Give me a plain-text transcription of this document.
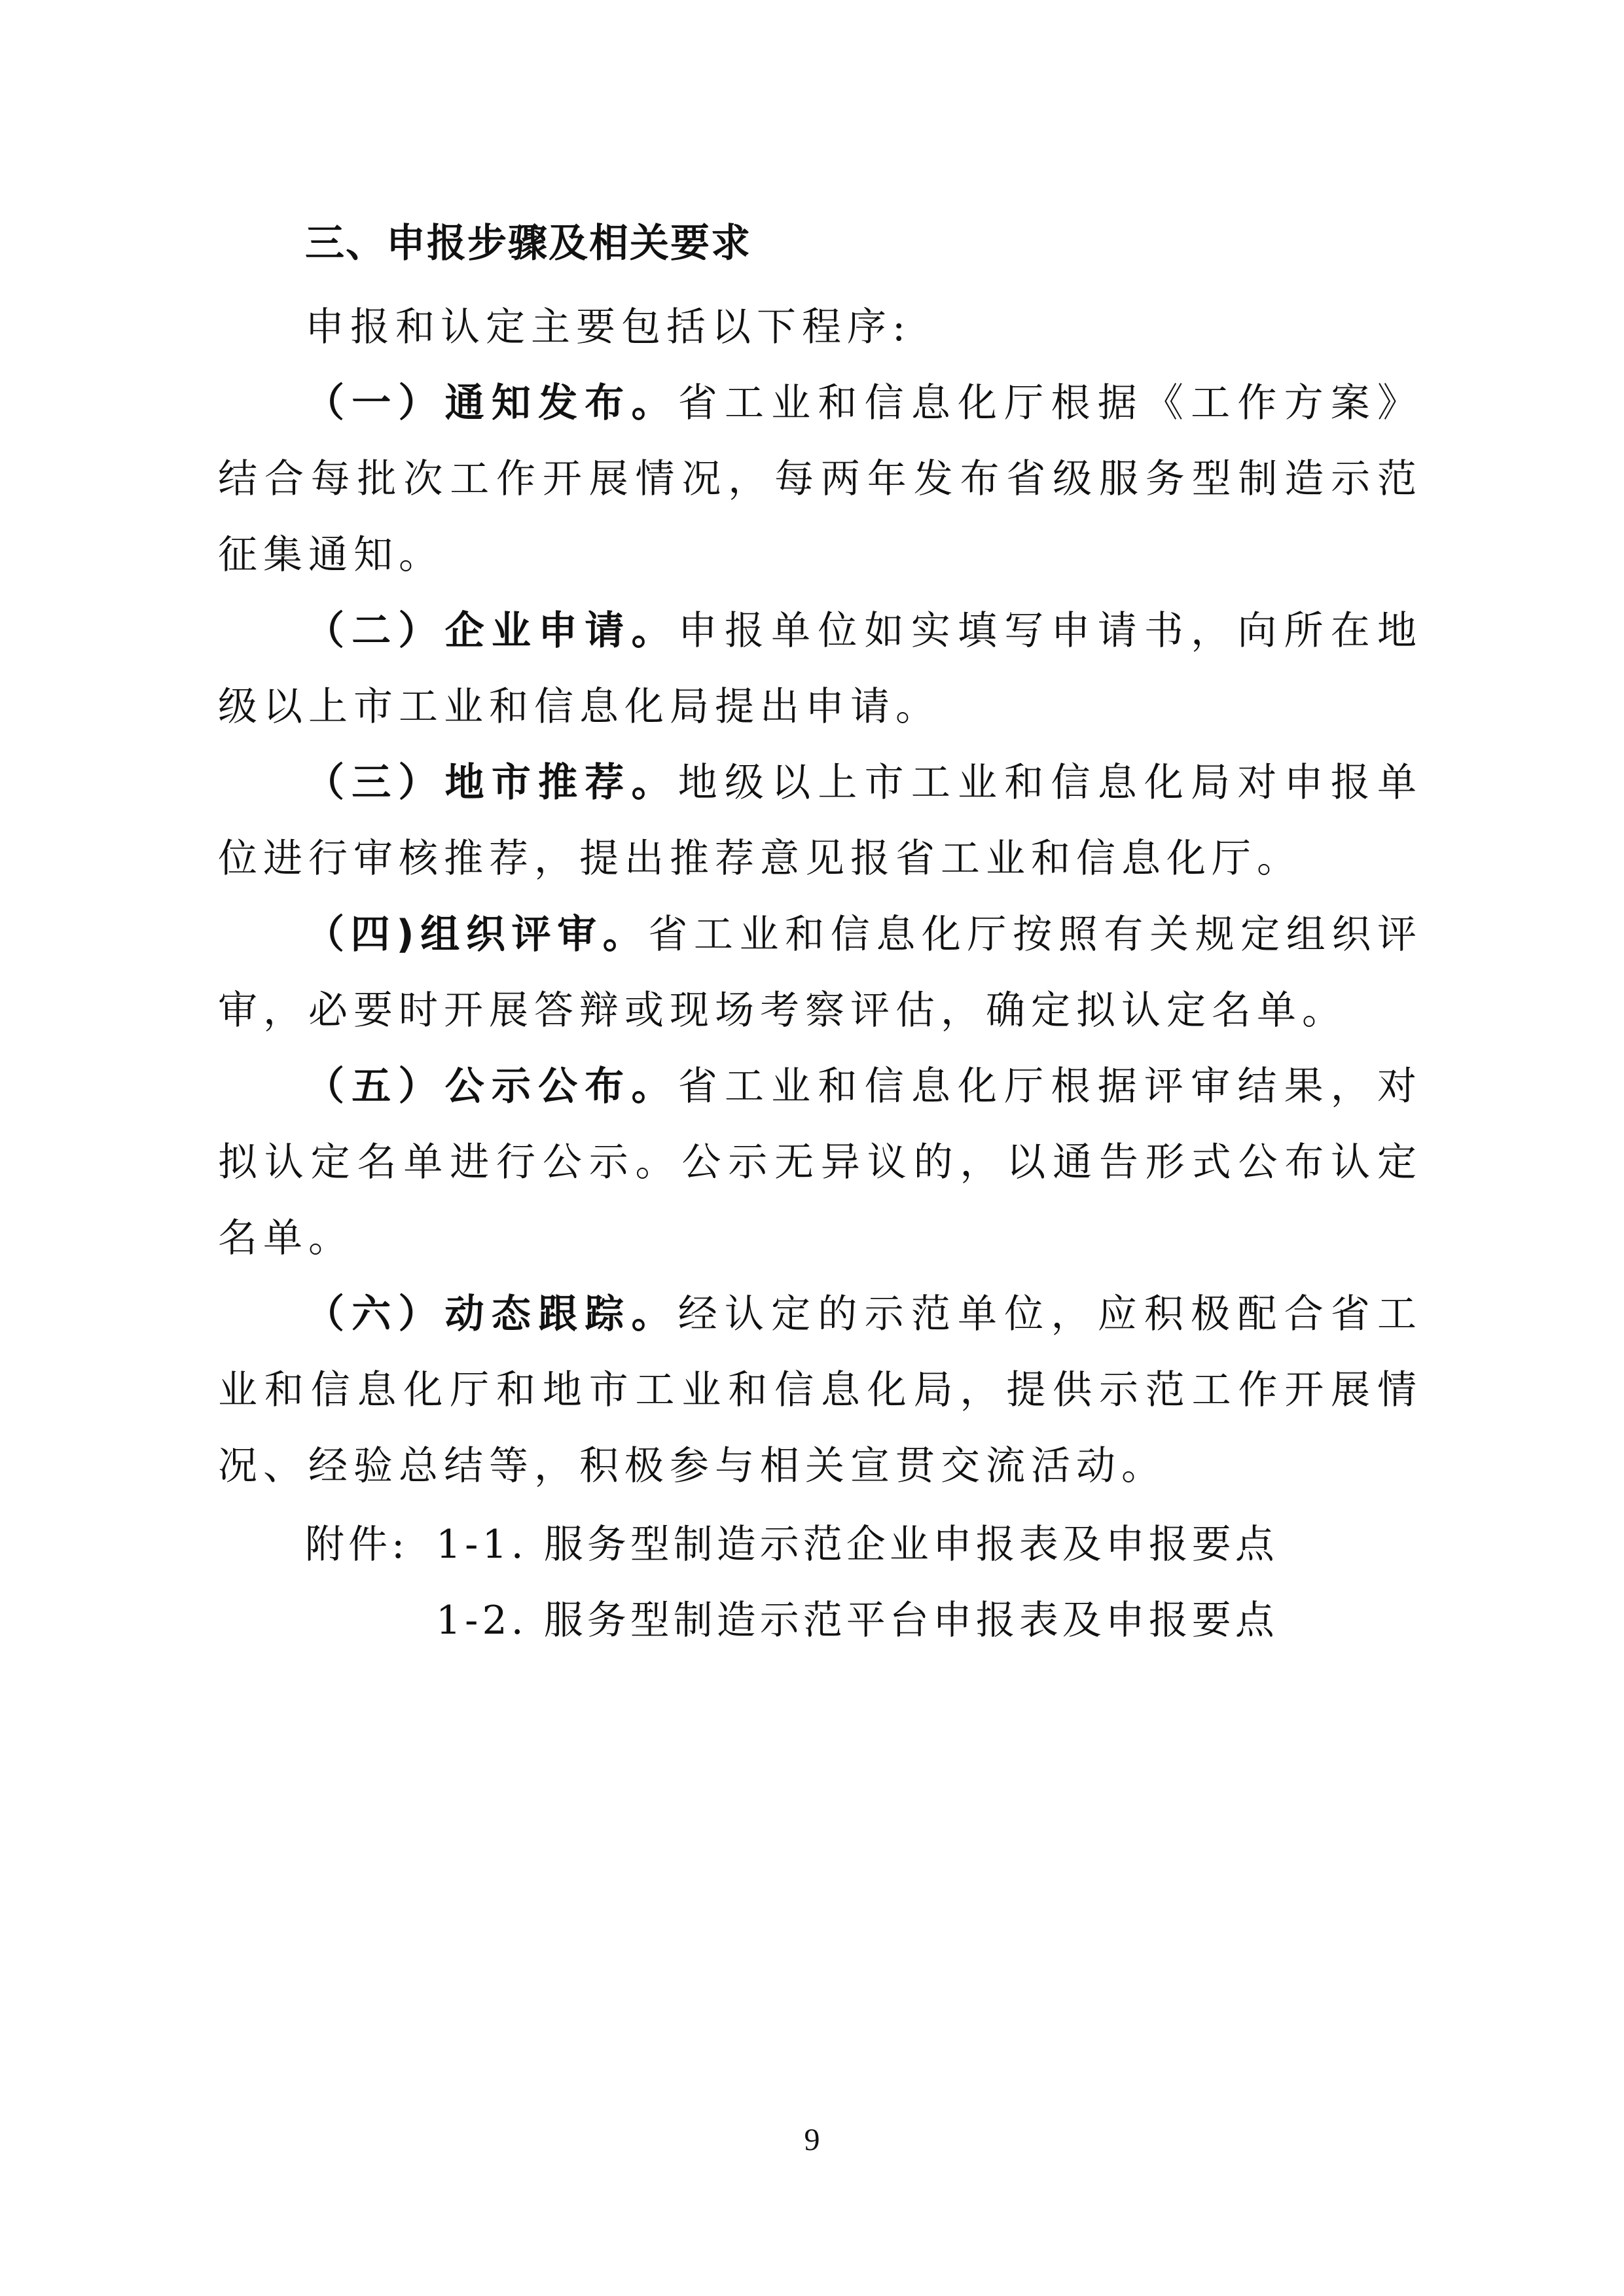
三、申报步骤及相关要求

申报和认定主要包括以下程序:

（一）通知发布。省工业和信息化厅根据《工作方案》结合每批次工作开展情况，每两年发布省级服务型制造示范征集通知。

（二）企业申请。申报单位如实填写申请书，向所在地级以上市工业和信息化局提出申请。

（三）地市推荐。地级以上市工业和信息化局对申报单位进行审核推荐，提出推荐意见报省工业和信息化厅。

（四)组织评审。省工业和信息化厅按照有关规定组织评审，必要时开展答辩或现场考察评估，确定拟认定名单。

（五）公示公布。省工业和信息化厅根据评审结果，对拟认定名单进行公示。公示无异议的，以通告形式公布认定名单。

（六）动态跟踪。经认定的示范单位，应积极配合省工业和信息化厅和地市工业和信息化局，提供示范工作开展情况、经验总结等，积极参与相关宣贯交流活动。

附件: 1-1. 服务型制造示范企业申报表及申报要点
1-2. 服务型制造示范平台申报表及申报要点
9
